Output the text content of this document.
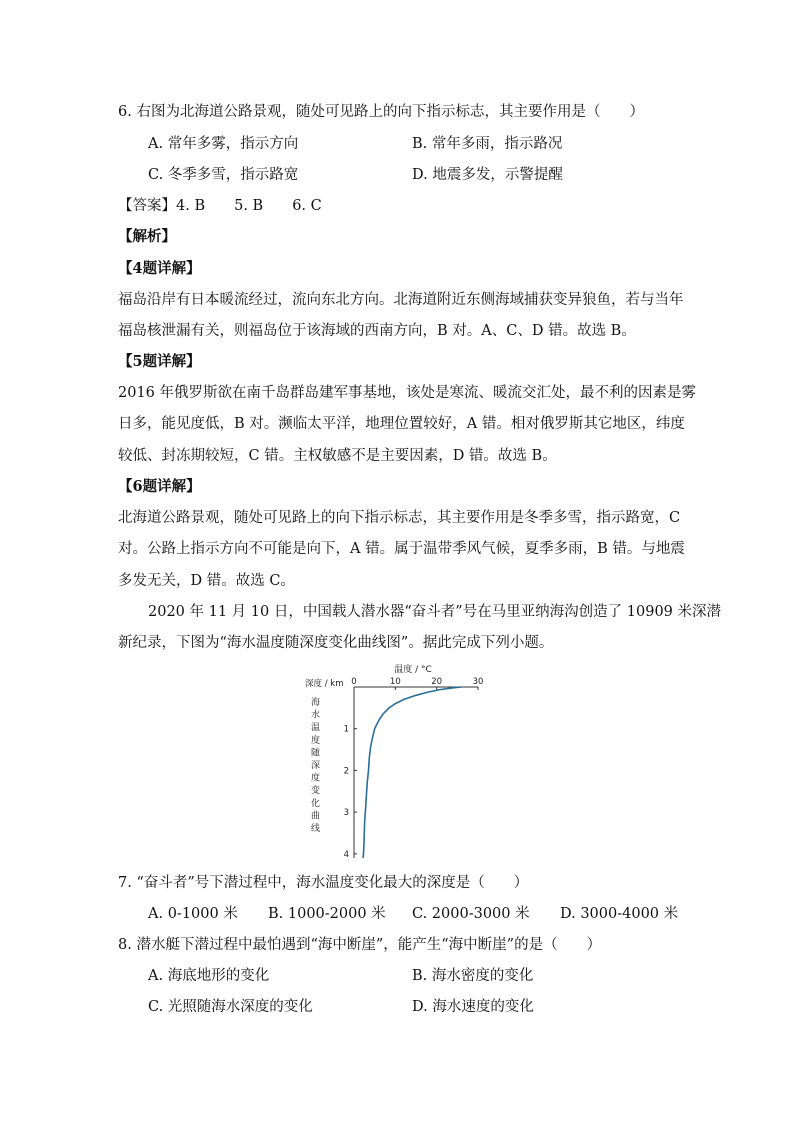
6. 右图为北海道公路景观，随处可见路上的向下指示标志，其主要作用是（　　）
A. 常年多雾，指示方向	B. 常年多雨，指示路况
C. 冬季多雪，指示路宽	D. 地震多发，示警提醒
【答案】4. B　　5. B　　6. C
【解析】
【4题详解】
福岛沿岸有日本暖流经过，流向东北方向。北海道附近东侧海域捕获变异狼鱼，若与当年
福岛核泄漏有关，则福岛位于该海域的西南方向，B 对。A、C、D 错。故选 B。
【5题详解】
2016 年俄罗斯欲在南千岛群岛建军事基地，该处是寒流、暖流交汇处，最不利的因素是雾
日多，能见度低，B 对。濒临太平洋，地理位置较好，A 错。相对俄罗斯其它地区，纬度
较低、封冻期较短，C 错。主权敏感不是主要因素，D 错。故选 B。
【6题详解】
北海道公路景观，随处可见路上的向下指示标志，其主要作用是冬季多雪，指示路宽，C
对。公路上指示方向不可能是向下，A 错。属于温带季风气候，夏季多雨，B 错。与地震
多发无关，D 错。故选 C。
2020 年 11 月 10 日，中国载人潜水器“奋斗者”号在马里亚纳海沟创造了 10909 米深潜
新纪录，下图为“海水温度随深度变化曲线图”。据此完成下列小题。
温度 / °C
深度 / km 0	10	20	30
1
2
3
4
海水温度随深度变化曲线
7. “奋斗者”号下潜过程中，海水温度变化最大的深度是（　　）
A. 0-1000 米 B. 1000-2000 米 C. 2000-3000 米 D. 3000-4000 米
8. 潜水艇下潜过程中最怕遇到“海中断崖”，能产生“海中断崖”的是（　　）
A. 海底地形的变化	B. 海水密度的变化
C. 光照随海水深度的变化	D. 海水速度的变化
